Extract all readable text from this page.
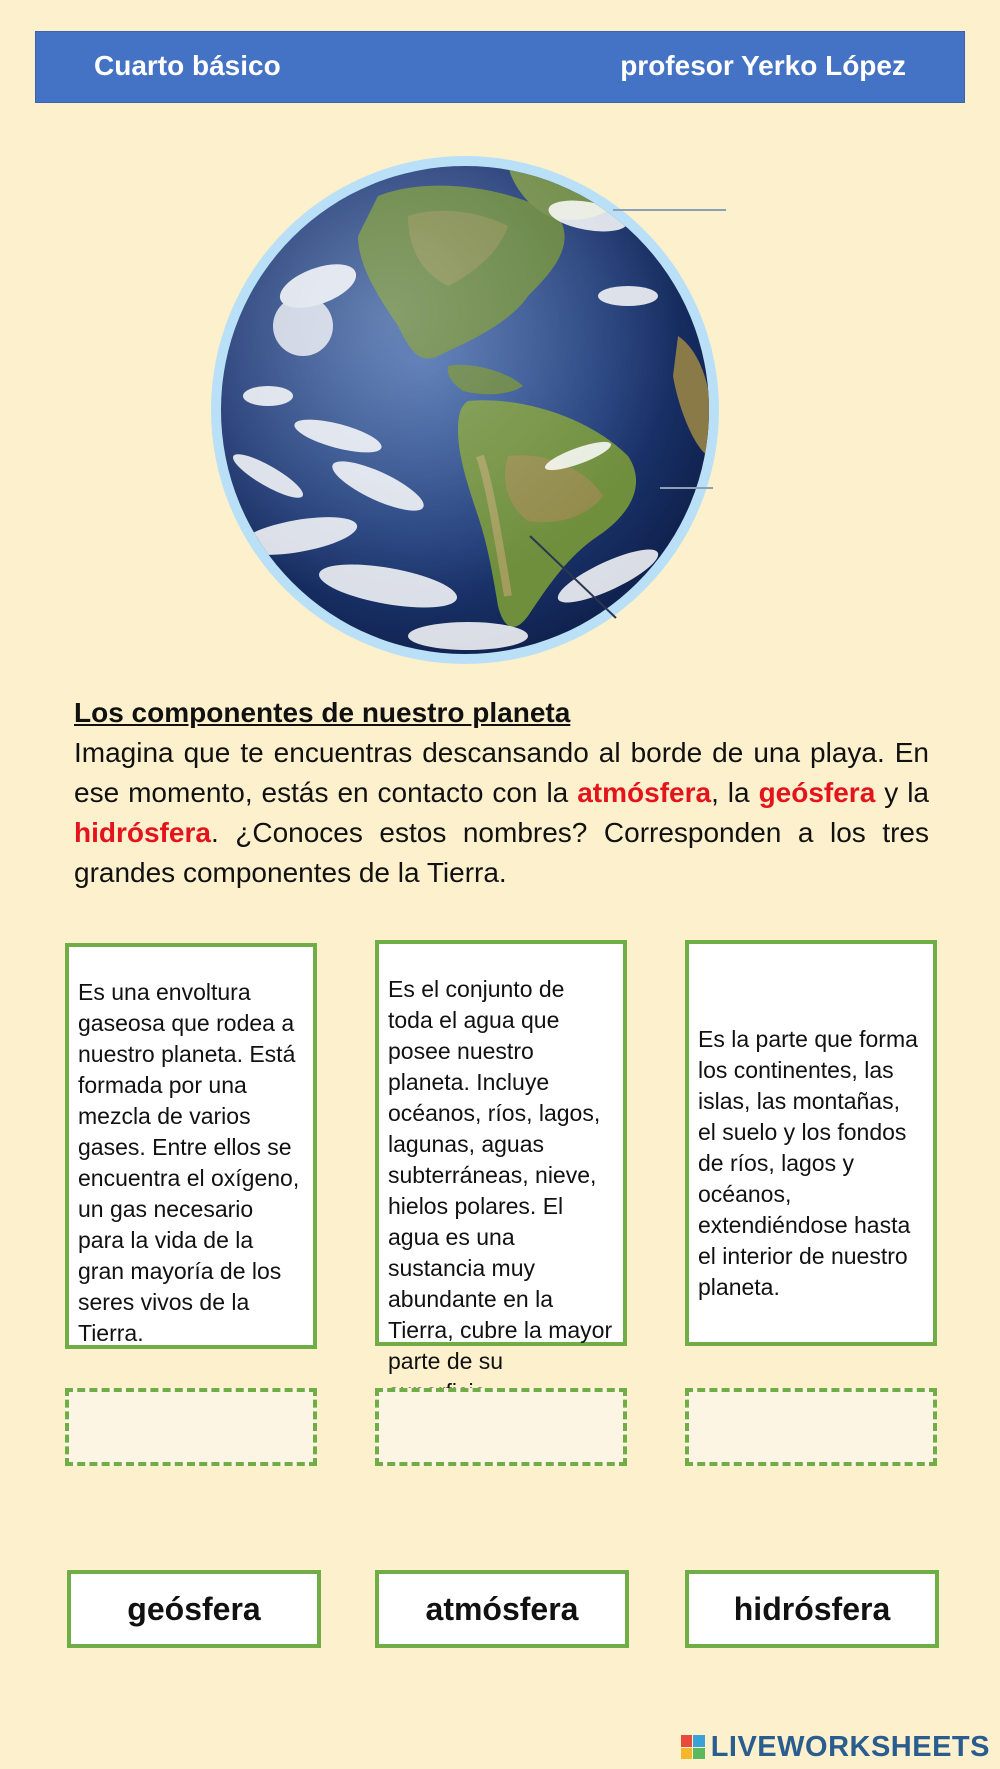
Cuarto básico	profesor Yerko López
Los componentes de nuestro planeta

Imagina que te encuentras descansando al borde de una playa. En ese momento, estás en contacto con la atmósfera, la geósfera y la hidrósfera. ¿Conoces estos nombres? Corresponden a los tres grandes componentes de la Tierra.

Es una envoltura gaseosa que rodea a nuestro planeta. Está formada por una mezcla de varios gases. Entre ellos se encuentra el oxígeno, un gas necesario para la vida de la gran mayoría de los seres vivos de la Tierra.
Es el conjunto de toda el agua que posee nuestro planeta. Incluye océanos, ríos, lagos, lagunas, aguas subterráneas, nieve, hielos polares. El agua es una sustancia muy abundante en la Tierra, cubre la mayor parte de su
Es la parte que forma los continentes, las islas, las montañas, el suelo y los fondos de ríos, lagos y océanos, extendiéndose hasta el interior de nuestro planeta.
geósfera	atmósfera	hidrósfera
LIVEWORKSHEETS
